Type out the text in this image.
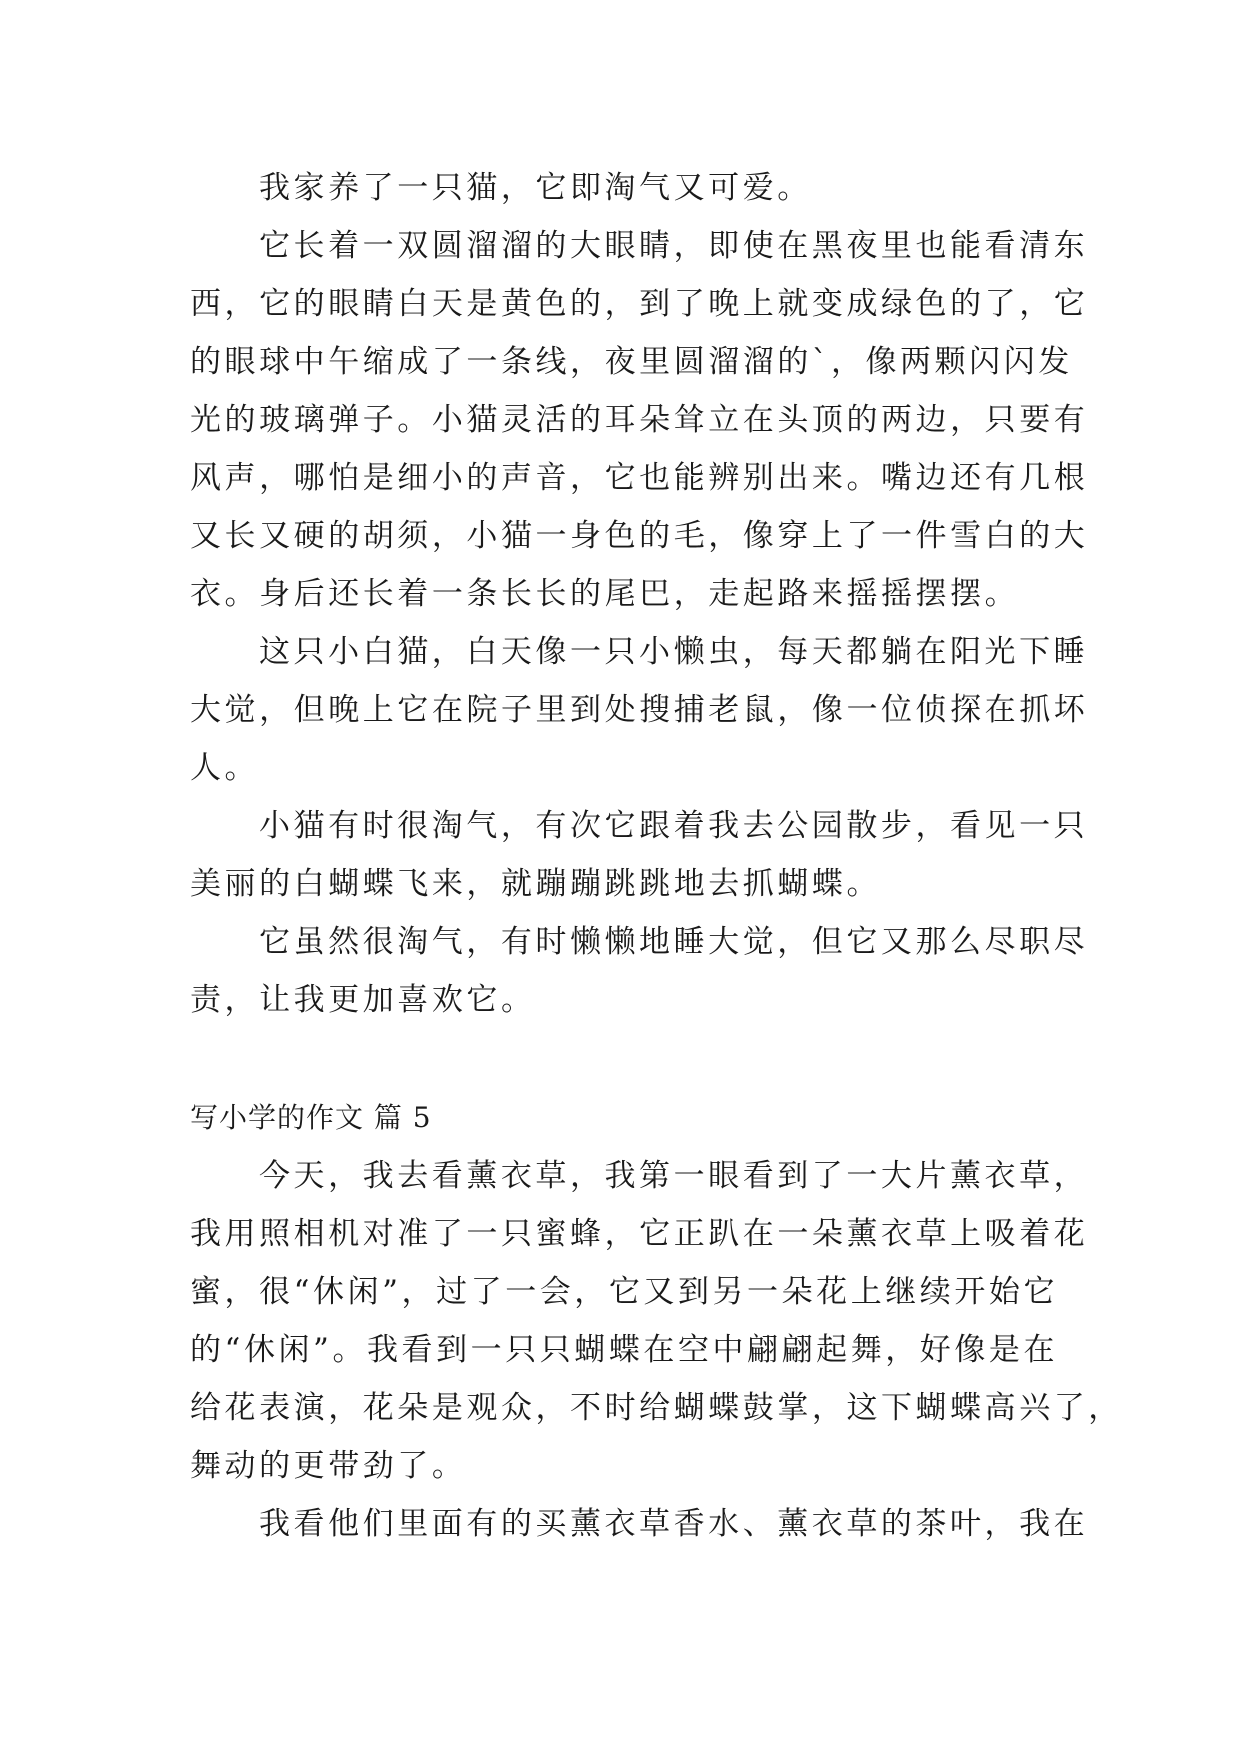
我家养了一只猫，它即淘气又可爱。
它长着一双圆溜溜的大眼睛，即使在黑夜里也能看清东
西，它的眼睛白天是黄色的，到了晚上就变成绿色的了，它
的眼球中午缩成了一条线，夜里圆溜溜的`，像两颗闪闪发
光的玻璃弹子。小猫灵活的耳朵耸立在头顶的两边，只要有
风声，哪怕是细小的声音，它也能辨别出来。嘴边还有几根
又长又硬的胡须，小猫一身色的毛，像穿上了一件雪白的大
衣。身后还长着一条长长的尾巴，走起路来摇摇摆摆。
这只小白猫，白天像一只小懒虫，每天都躺在阳光下睡
大觉，但晚上它在院子里到处搜捕老鼠，像一位侦探在抓坏
人。
小猫有时很淘气，有次它跟着我去公园散步，看见一只
美丽的白蝴蝶飞来，就蹦蹦跳跳地去抓蝴蝶。
它虽然很淘气，有时懒懒地睡大觉，但它又那么尽职尽
责，让我更加喜欢它。
写小学的作文 篇 5
今天，我去看薰衣草，我第一眼看到了一大片薰衣草，
我用照相机对准了一只蜜蜂，它正趴在一朵薰衣草上吸着花
蜜，很“休闲”，过了一会，它又到另一朵花上继续开始它
的“休闲”。我看到一只只蝴蝶在空中翩翩起舞，好像是在
给花表演，花朵是观众，不时给蝴蝶鼓掌，这下蝴蝶高兴了，
舞动的更带劲了。
我看他们里面有的买薰衣草香水、薰衣草的茶叶，我在
